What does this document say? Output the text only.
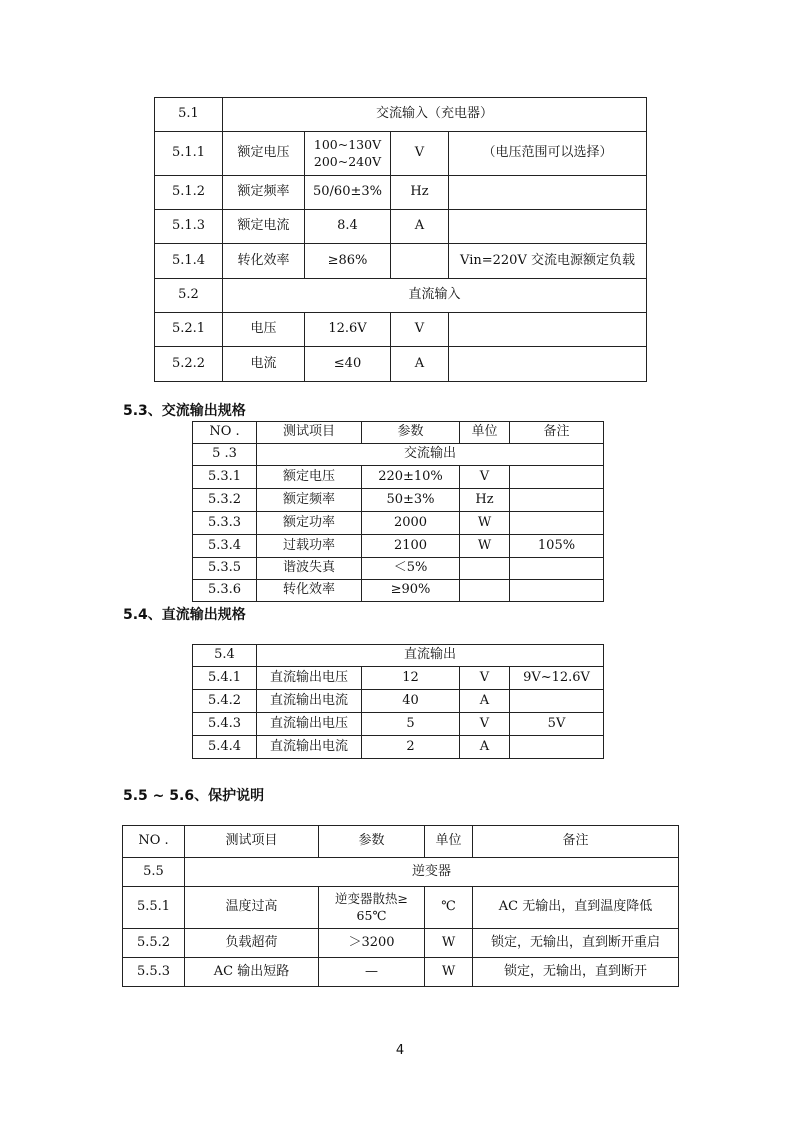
5.1	交流输入（充电器）			
5.1.1	额定电压	100~130V
200~240V	V	（电压范围可以选择）
5.1.2	额定频率	50/60±3%	Hz	
5.1.3	额定电流	8.4	A	
5.1.4	转化效率	≥86%		Vin=220V 交流电源额定负载
5.2	直流输入			
5.2.1	电压	12.6V	V	
5.2.2	电流	≤40	A	
5.3、交流输出规格
NO .	测试项目	参数	单位	备注
5 .3	交流输出			
5.3.1	额定电压	220±10%	V	
5.3.2	额定频率	50±3%	Hz	
5.3.3	额定功率	2000	W	
5.3.4	过载功率	2100	W	105%
5.3.5	谐波失真	＜5%		
5.3.6	转化效率	≥90%		
5.4、直流输出规格
5.4	直流输出			
5.4.1	直流输出电压	12	V	9V~12.6V
5.4.2	直流输出电流	40	A	
5.4.3	直流输出电压	5	V	5V
5.4.4	直流输出电流	2	A	
5.5 ~ 5.6、保护说明
NO .	测试项目	参数	单位	备注
5.5	逆变器			
5.5.1	温度过高	逆变器散热≥
65℃	℃	AC 无输出，直到温度降低
5.5.2	负载超荷	＞3200	W	锁定，无输出，直到断开重启
5.5.3	AC 输出短路	—	W	锁定，无输出，直到断开
4
